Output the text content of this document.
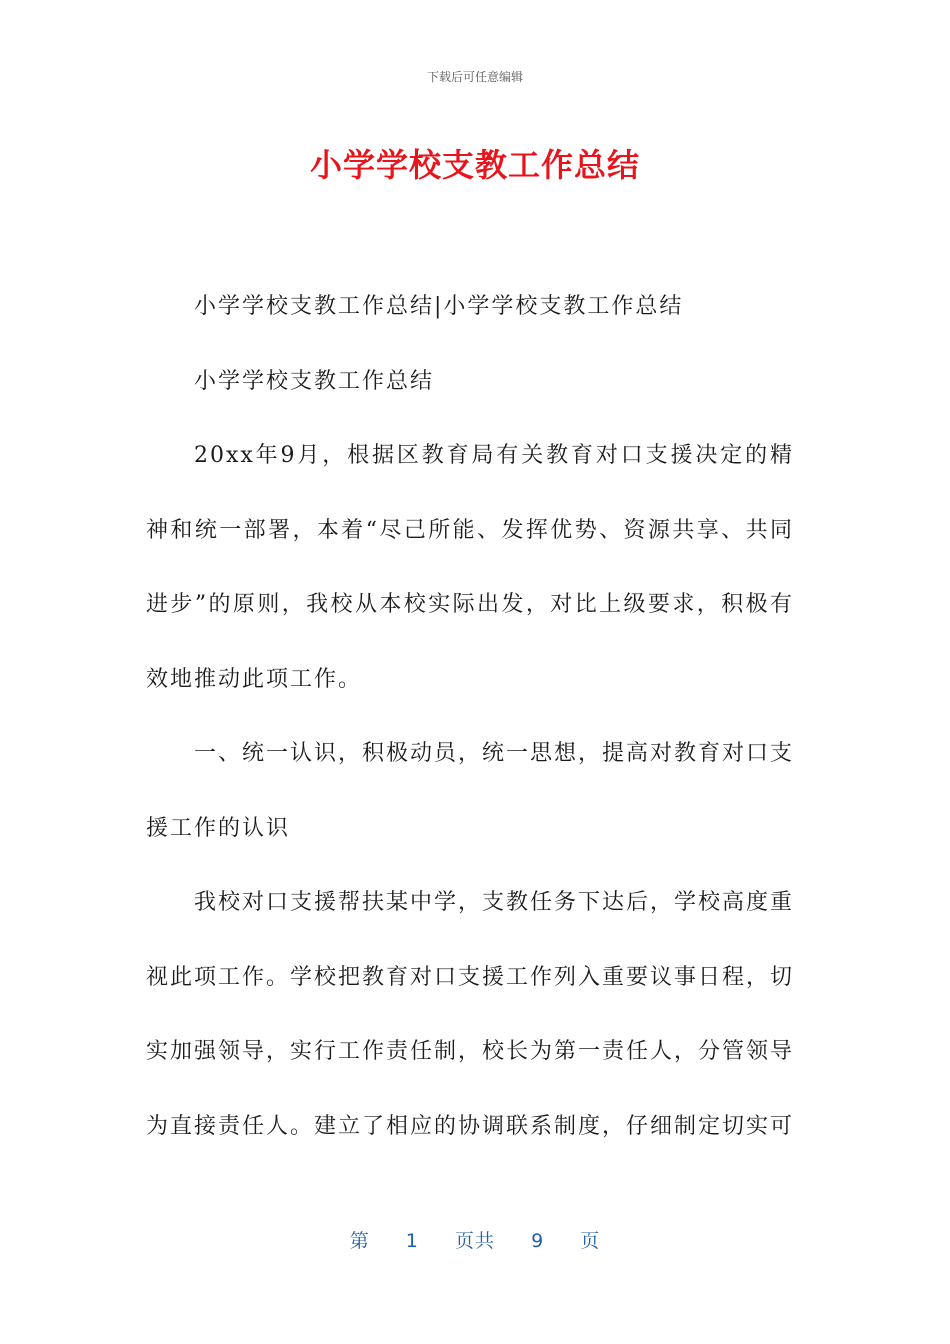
下载后可任意编辑
小学学校支教工作总结

小学学校支教工作总结|小学学校支教工作总结

小学学校支教工作总结

20xx年9月，根据区教育局有关教育对口支援决定的精神和统一部署，本着“尽己所能、发挥优势、资源共享、共同进步”的原则，我校从本校实际出发，对比上级要求，积极有效地推动此项工作。

一、统一认识，积极动员，统一思想，提高对教育对口支援工作的认识

我校对口支援帮扶某中学，支教任务下达后，学校高度重视此项工作。学校把教育对口支援工作列入重要议事日程，切实加强领导，实行工作责任制，校长为第一责任人，分管领导为直接责任人。建立了相应的协调联系制度，仔细制定切实可

第 1 页共 9 页
